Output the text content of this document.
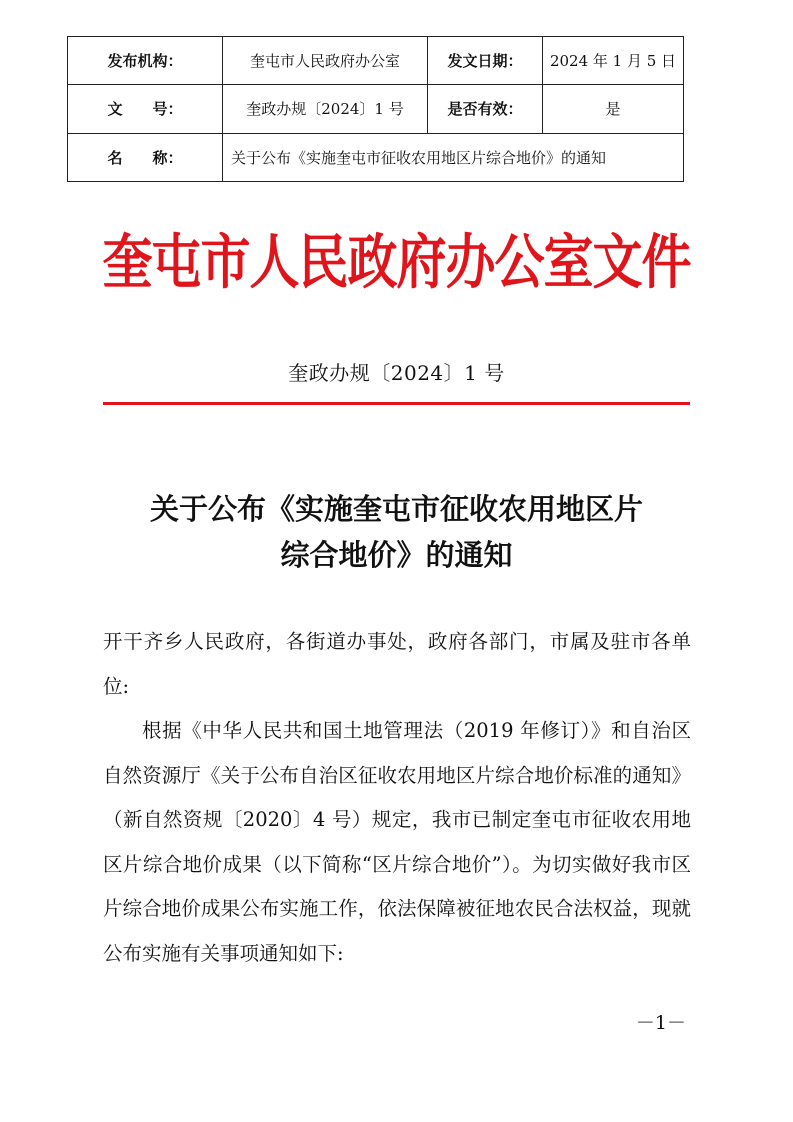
发布机构：	奎屯市人民政府办公室	发文日期：	2024 年 1 月 5 日
文　　号：	奎政办规〔2024〕1 号	是否有效：	是
名　　称：	关于公布《实施奎屯市征收农用地区片综合地价》的通知		
奎屯市人民政府办公室文件
奎政办规〔2024〕1 号
关于公布《实施奎屯市征收农用地区片
综合地价》的通知

开干齐乡人民政府，各街道办事处，政府各部门，市属及驻市各单位:

根据《中华人民共和国土地管理法（2019 年修订）》和自治区自然资源厅《关于公布自治区征收农用地区片综合地价标准的通知》（新自然资规〔2020〕4 号）规定，我市已制定奎屯市征收农用地区片综合地价成果（以下简称“区片综合地价”）。为切实做好我市区片综合地价成果公布实施工作，依法保障被征地农民合法权益，现就公布实施有关事项通知如下:

－1－
